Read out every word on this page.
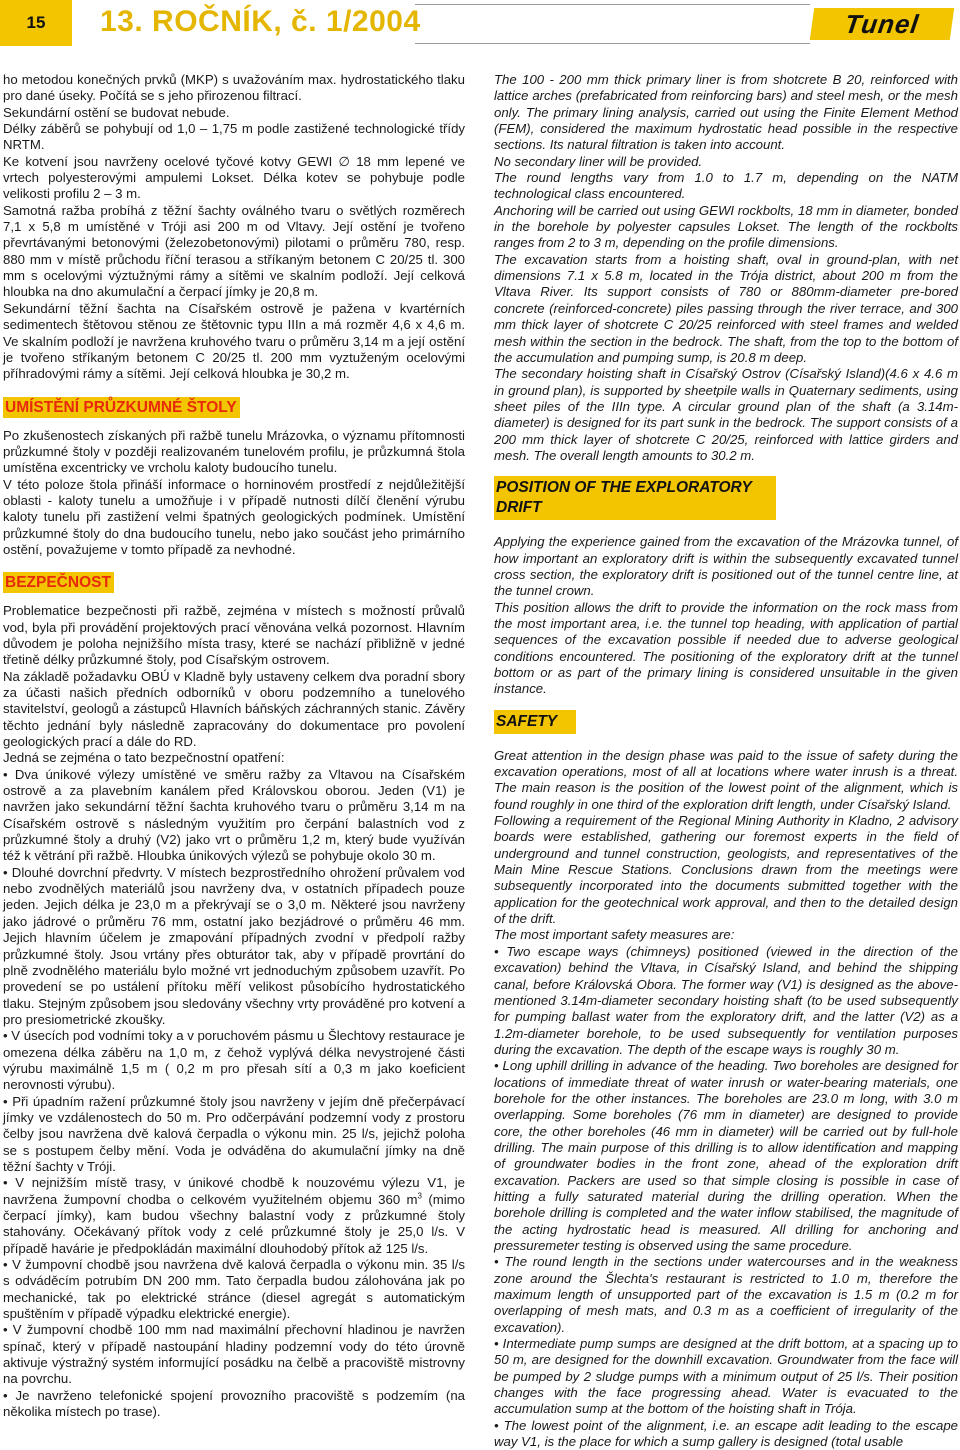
15	13. ROČNÍK, č. 1/2004	Tunel

ho metodou konečných prvků (MKP) s uvažováním max. hydrostatického tlaku pro dané úseky. Počítá se s jeho přirozenou filtrací.

Sekundární ostění se budovat nebude.

Délky záběrů se pohybují od 1,0 – 1,75 m podle zastižené technologické třídy NRTM.

Ke kotvení jsou navrženy ocelové tyčové kotvy GEWI ∅ 18 mm lepené ve vrtech polyesterovými ampulemi Lokset. Délka kotev se pohybuje podle velikosti profilu 2 – 3 m.

Samotná ražba probíhá z těžní šachty oválného tvaru o světlých rozměrech 7,1 x 5,8 m umístěné v Tróji asi 200 m od Vltavy. Její ostění je tvořeno převrtávanými betonovými (železobetonovými) pilotami o průměru 780, resp. 880 mm v místě průchodu říční terasou a stříkaným betonem C 20/25 tl. 300 mm s ocelovými výztužnými rámy a sítěmi ve skalním podloží. Její celková hloubka na dno akumulační a čerpací jímky je 20,8 m.

Sekundární těžní šachta na Císařském ostrově je pažena v kvartérních sedimentech štětovou stěnou ze štětovnic typu IIIn a má rozměr 4,6 x 4,6 m. Ve skalním podloží je navržena kruhového tvaru o průměru 3,14 m a její ostění je tvořeno stříkaným betonem C 20/25 tl. 200 mm vyztuženým ocelovými příhradovými rámy a sítěmi. Její celková hloubka je 30,2 m.

UMÍSTĚNÍ PRŮZKUMNÉ ŠTOLY

Po zkušenostech získaných při ražbě tunelu Mrázovka, o významu přítomnosti průzkumné štoly v později realizovaném tunelovém profilu, je průzkumná štola umístěna excentricky ve vrcholu kaloty budoucího tunelu.

V této poloze štola přináší informace o horninovém prostředí z nejdůležitější oblasti - kaloty tunelu a umožňuje i v případě nutnosti dílčí členění výrubu kaloty tunelu při zastižení velmi špatných geologických podmínek. Umístění průzkumné štoly do dna budoucího tunelu, nebo jako součást jeho primárního ostění, považujeme v tomto případě za nevhodné.

BEZPEČNOST

Problematice bezpečnosti při ražbě, zejména v místech s možností průvalů vod, byla při provádění projektových prací věnována velká pozornost. Hlavním důvodem je poloha nejnižšího místa trasy, které se nachází přibližně v jedné třetině délky průzkumné štoly, pod Císařským ostrovem.

Na základě požadavku OBÚ v Kladně byly ustaveny celkem dva poradní sbory za účasti našich předních odborníků v oboru podzemního a tunelového stavitelství, geologů a zástupců Hlavních báňských záchranných stanic. Závěry těchto jednání byly následně zapracovány do dokumentace pro povolení geologických prací a dále do RD.

Jedná se zejména o tato bezpečnostní opatření:

• Dva únikové výlezy umístěné ve směru ražby za Vltavou na Císařském ostrově a za plavebním kanálem před Královskou oborou. Jeden (V1) je navržen jako sekundární těžní šachta kruhového tvaru o průměru 3,14 m na Císařském ostrově s následným využitím pro čerpání balastních vod z průzkumné štoly a druhý (V2) jako vrt o průměru 1,2 m, který bude využíván též k větrání při ražbě. Hloubka únikových výlezů se pohybuje okolo 30 m.

• Dlouhé dovrchní předvrty. V místech bezprostředního ohrožení průvalem vod nebo zvodnělých materiálů jsou navrženy dva, v ostatních případech pouze jeden. Jejich délka je 23,0 m a překrývají se o 3,0 m. Některé jsou navrženy jako jádrové o průměru 76 mm, ostatní jako bezjádrové o průměru 46 mm. Jejich hlavním účelem je zmapování případných zvodní v předpolí ražby průzkumné štoly. Jsou vrtány přes obturátor tak, aby v případě provrtání do plně zvodnělého materiálu bylo možné vrt jednoduchým způsobem uzavřít. Po provedení se po ustálení přítoku měří velikost působícího hydrostatického tlaku. Stejným způsobem jsou sledovány všechny vrty prováděné pro kotvení a pro presiometrické zkoušky.

• V úsecích pod vodními toky a v poruchovém pásmu u Šlechtovy restaurace je omezena délka záběru na 1,0 m, z čehož vyplývá délka nevystrojené části výrubu maximálně 1,5 m ( 0,2 m pro přesah sítí a 0,3 m jako koeficient nerovnosti výrubu).

• Při úpadním ražení průzkumné štoly jsou navrženy v jejím dně přečerpávací jímky ve vzdálenostech do 50 m. Pro odčerpávání podzemní vody z prostoru čelby jsou navržena dvě kalová čerpadla o výkonu min. 25 l/s, jejichž poloha se s postupem čelby mění. Voda je odváděna do akumulační jímky na dně těžní šachty v Tróji.

• V nejnižším místě trasy, v únikové chodbě k nouzovému výlezu V1, je navržena žumpovní chodba o celkovém využitelném objemu 360 $m^3$ (mimo čerpací jímky), kam budou všechny balastní vody z průzkumné štoly stahovány. Očekávaný přítok vody z celé průzkumné štoly je 25,0 l/s. V případě havárie je předpokládán maximální dlouhodobý přítok až 125 l/s.

• V žumpovní chodbě jsou navržena dvě kalová čerpadla o výkonu min. 35 l/s s odváděcím potrubím DN 200 mm. Tato čerpadla budou zálohována jak po mechanické, tak po elektrické stránce (diesel agregát s automatickým spuštěním v případě výpadku elektrické energie).

• V žumpovní chodbě 100 mm nad maximální přechovní hladinou je navržen spínač, který v případě nastoupání hladiny podzemní vody do této úrovně aktivuje výstražný systém informující posádku na čelbě a pracoviště mistrovny na povrchu.

• Je navrženo telefonické spojení provozního pracoviště s podzemím (na několika místech po trase).

The 100 - 200 mm thick primary liner is from shotcrete B 20, reinforced with lattice arches (prefabricated from reinforcing bars) and steel mesh, or the mesh only. The primary lining analysis, carried out using the Finite Element Method (FEM), considered the maximum hydrostatic head possible in the respective sections. Its natural filtration is taken into account.

No secondary liner will be provided.

The round lengths vary from 1.0 to 1.7 m, depending on the NATM technological class encountered.

Anchoring will be carried out using GEWI rockbolts, 18 mm in diameter, bonded in the borehole by polyester capsules Lokset. The length of the rockbolts ranges from 2 to 3 m, depending on the profile dimensions.

The excavation starts from a hoisting shaft, oval in ground-plan, with net dimensions 7.1 x 5.8 m, located in the Trója district, about 200 m from the Vltava River. Its support consists of 780 or 880mm-diameter pre-bored concrete (reinforced-concrete) piles passing through the river terrace, and 300 mm thick layer of shotcrete C 20/25 reinforced with steel frames and welded mesh within the section in the bedrock. The shaft, from the top to the bottom of the accumulation and pumping sump, is 20.8 m deep.

The secondary hoisting shaft in Císařský Ostrov (Císařský Island)(4.6 x 4.6 m in ground plan), is supported by sheetpile walls in Quaternary sediments, using sheet piles of the IIIn type. A circular ground plan of the shaft (a 3.14m-diameter) is designed for its part sunk in the bedrock. The support consists of a 200 mm thick layer of shotcrete C 20/25, reinforced with lattice girders and mesh. The overall length amounts to 30.2 m.

POSITION OF THE EXPLORATORY DRIFT

Applying the experience gained from the excavation of the Mrázovka tunnel, of how important an exploratory drift is within the subsequently excavated tunnel cross section, the exploratory drift is positioned out of the tunnel centre line, at the tunnel crown.

This position allows the drift to provide the information on the rock mass from the most important area, i.e. the tunnel top heading, with application of partial sequences of the excavation possible if needed due to adverse geological conditions encountered. The positioning of the exploratory drift at the tunnel bottom or as part of the primary lining is considered unsuitable in the given instance.

SAFETY

Great attention in the design phase was paid to the issue of safety during the excavation operations, most of all at locations where water inrush is a threat. The main reason is the position of the lowest point of the alignment, which is found roughly in one third of the exploration drift length, under Císařský Island.

Following a requirement of the Regional Mining Authority in Kladno, 2 advisory boards were established, gathering our foremost experts in the field of underground and tunnel construction, geologists, and representatives of the Main Mine Rescue Stations. Conclusions drawn from the meetings were subsequently incorporated into the documents submitted together with the application for the geotechnical work approval, and then to the detailed design of the drift.

The most important safety measures are:

• Two escape ways (chimneys) positioned (viewed in the direction of the excavation) behind the Vltava, in Císařský Island, and behind the shipping canal, before Královská Obora. The former way (V1) is designed as the above-mentioned 3.14m-diameter secondary hoisting shaft (to be used subsequently for pumping ballast water from the exploratory drift, and the latter (V2) as a 1.2m-diameter borehole, to be used subsequently for ventilation purposes during the excavation. The depth of the escape ways is roughly 30 m.

• Long uphill drilling in advance of the heading. Two boreholes are designed for locations of immediate threat of water inrush or water-bearing materials, one borehole for the other instances. The boreholes are 23.0 m long, with 3.0 m overlapping. Some boreholes (76 mm in diameter) are designed to provide core, the other boreholes (46 mm in diameter) will be carried out by full-hole drilling. The main purpose of this drilling is to allow identification and mapping of groundwater bodies in the front zone, ahead of the exploration drift excavation. Packers are used so that simple closing is possible in case of hitting a fully saturated material during the drilling operation. When the borehole drilling is completed and the water inflow stabilised, the magnitude of the acting hydrostatic head is measured. All drilling for anchoring and pressuremeter testing is observed using the same procedure.

• The round length in the sections under watercourses and in the weakness zone around the Šlechta's restaurant is restricted to 1.0 m, therefore the maximum length of unsupported part of the excavation is 1.5 m (0.2 m for overlapping of mesh mats, and 0.3 m as a coefficient of irregularity of the excavation).

• Intermediate pump sumps are designed at the drift bottom, at a spacing up to 50 m, are designed for the downhill excavation. Groundwater from the face will be pumped by 2 sludge pumps with a minimum output of 25 l/s. Their position changes with the face progressing ahead. Water is evacuated to the accumulation sump at the bottom of the hoisting shaft in Trója.

• The lowest point of the alignment, i.e. an escape adit leading to the escape way V1, is the place for which a sump gallery is designed (total usable
